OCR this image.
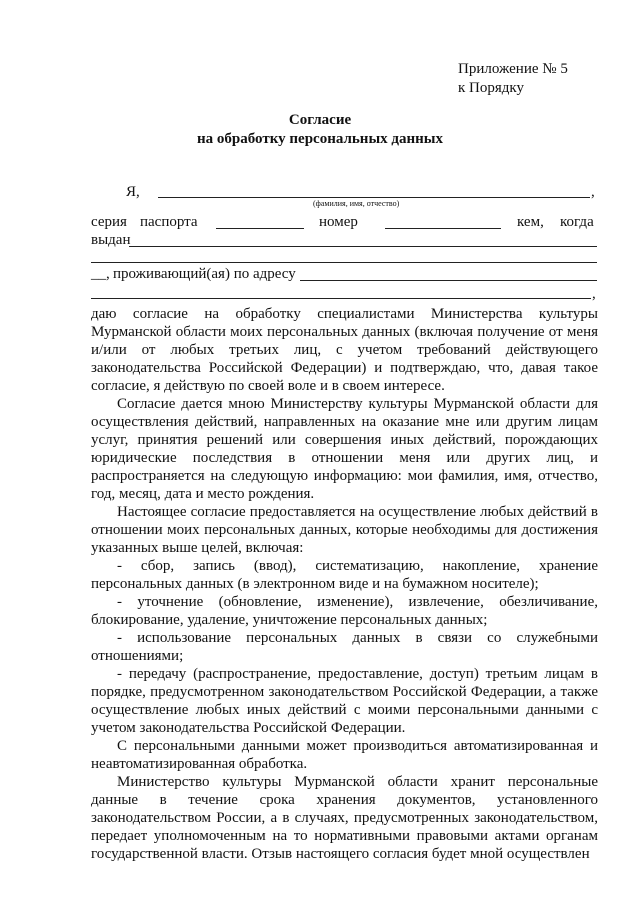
Приложение № 5
к Порядку
Согласие
на обработку персональных данных
Я,	,
(фамилия, имя, отчество)
серия паспорта	номер	кем, когда
выдан
__, проживающий(ая) по адресу
,

даю согласие на обработку специалистами Министерства культуры Мурманской области моих персональных данных (включая получение от меня и/или от любых третьих лиц, с учетом требований действующего законодательства Российской Федерации) и подтверждаю, что, давая такое согласие, я действую по своей воле и в своем интересе.

Согласие дается мною Министерству культуры Мурманской области для осуществления действий, направленных на оказание мне или другим лицам услуг, принятия решений или совершения иных действий, порождающих юридические последствия в отношении меня или других лиц, и распространяется на следующую информацию: мои фамилия, имя, отчество, год, месяц, дата и место рождения.

Настоящее согласие предоставляется на осуществление любых действий в отношении моих персональных данных, которые необходимы для достижения указанных выше целей, включая:

- сбор, запись (ввод), систематизацию, накопление, хранение персональных данных (в электронном виде и на бумажном носителе);

- уточнение (обновление, изменение), извлечение, обезличивание, блокирование, удаление, уничтожение персональных данных;

- использование персональных данных в связи со служебными отношениями;

- передачу (распространение, предоставление, доступ) третьим лицам в порядке, предусмотренном законодательством Российской Федерации, а также осуществление любых иных действий с моими персональными данными с учетом законодательства Российской Федерации.

С персональными данными может производиться автоматизированная и неавтоматизированная обработка.

Министерство культуры Мурманской области хранит персональные данные в течение срока хранения документов, установленного законодательством России, а в случаях, предусмотренных законодательством, передает уполномоченным на то нормативными правовыми актами органам государственной власти. Отзыв настоящего согласия будет мной осуществлен
